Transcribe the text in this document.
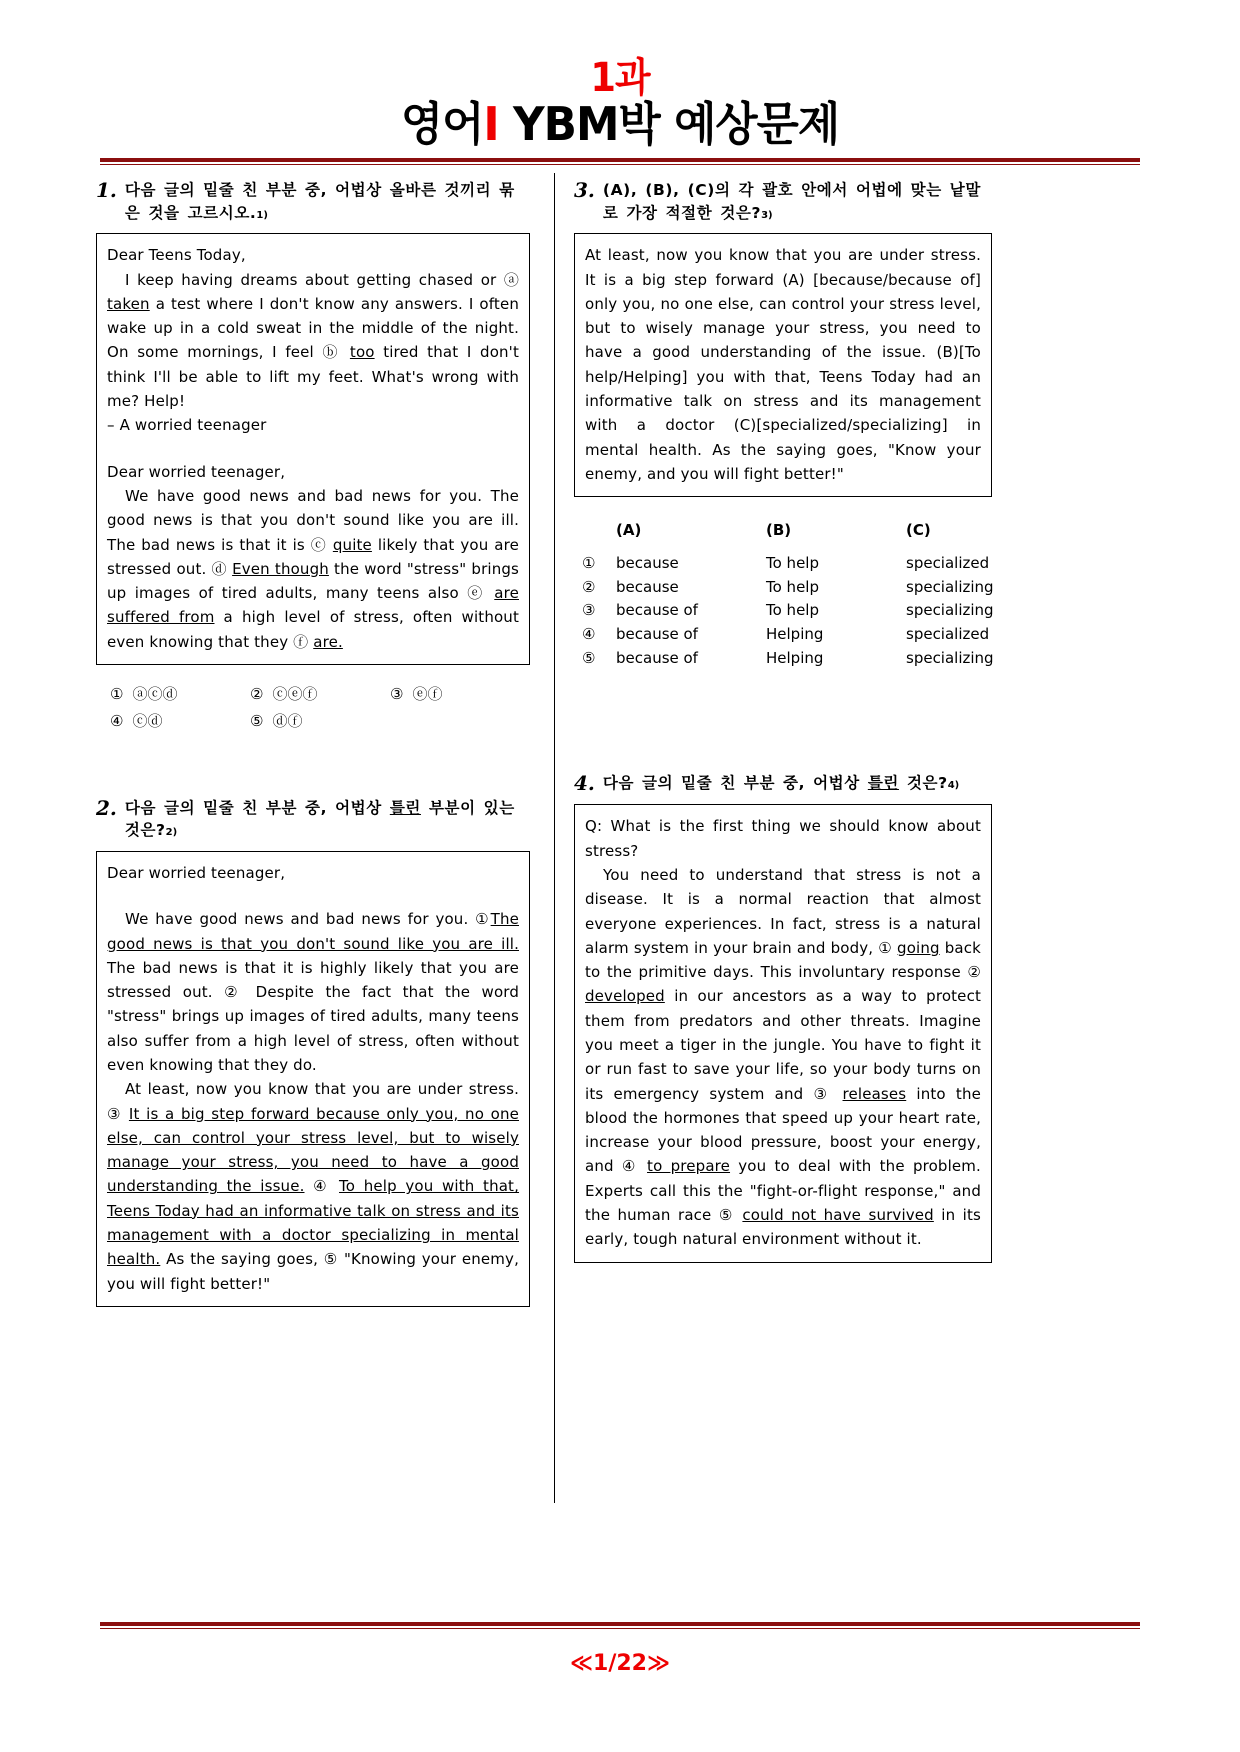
1과
영어Ⅰ YBM박 예상문제
1. 다음 글의 밑줄 친 부분 중, 어법상 올바른 것끼리 묶은 것을 고르시오.1)

Dear Teens Today,

I keep having dreams about getting chased or ⓐ taken a test where I don't know any answers. I often wake up in a cold sweat in the middle of the night. On some mornings, I feel ⓑ too tired that I don't think I'll be able to lift my feet. What's wrong with me? Help!

– A worried teenager

Dear worried teenager,

We have good news and bad news for you. The good news is that you don't sound like you are ill. The bad news is that it is ⓒ quite likely that you are stressed out. ⓓ Even though the word "stress" brings up images of tired adults, many teens also ⓔ are suffered from a high level of stress, often without even knowing that they ⓕ are.

① ⓐⓒⓓ	② ⓒⓔⓕ	③ ⓔⓕ
④ ⓒⓓ	⑤ ⓓⓕ
2. 다음 글의 밑줄 친 부분 중, 어법상 틀린 부분이 있는 것은?2)

Dear worried teenager,

We have good news and bad news for you. ①The good news is that you don't sound like you are ill. The bad news is that it is highly likely that you are stressed out. ② Despite the fact that the word "stress" brings up images of tired adults, many teens also suffer from a high level of stress, often without even knowing that they do.

At least, now you know that you are under stress. ③ It is a big step forward because only you, no one else, can control your stress level, but to wisely manage your stress, you need to have a good understanding the issue. ④ To help you with that, Teens Today had an informative talk on stress and its management with a doctor specializing in mental health. As the saying goes, ⑤ "Knowing your enemy, you will fight better!"

3. (A), (B), (C)의 각 괄호 안에서 어법에 맞는 낱말로 가장 적절한 것은?3)

At least, now you know that you are under stress. It is a big step forward (A) [because/because of] only you, no one else, can control your stress level, but to wisely manage your stress, you need to have a good understanding of the issue. (B)[To help/Helping] you with that, Teens Today had an informative talk on stress and its management with a doctor (C)[specialized/specializing] in mental health. As the saying goes, "Know your enemy, and you will fight better!"

(A)	(B)	(C)
①	because	To help	specialized
②	because	To help	specializing
③	because of	To help	specializing
④	because of	Helping	specialized
⑤	because of	Helping	specializing
4. 다음 글의 밑줄 친 부분 중, 어법상 틀린 것은?4)

Q: What is the first thing we should know about stress?

You need to understand that stress is not a disease. It is a normal reaction that almost everyone experiences. In fact, stress is a natural alarm system in your brain and body, ① going back to the primitive days. This involuntary response ② developed in our ancestors as a way to protect them from predators and other threats. Imagine you meet a tiger in the jungle. You have to fight it or run fast to save your life, so your body turns on its emergency system and ③ releases into the blood the hormones that speed up your heart rate, increase your blood pressure, boost your energy, and ④ to prepare you to deal with the problem. Experts call this the "fight-or-flight response," and the human race ⑤ could not have survived in its early, tough natural environment without it.

≪1/22≫
